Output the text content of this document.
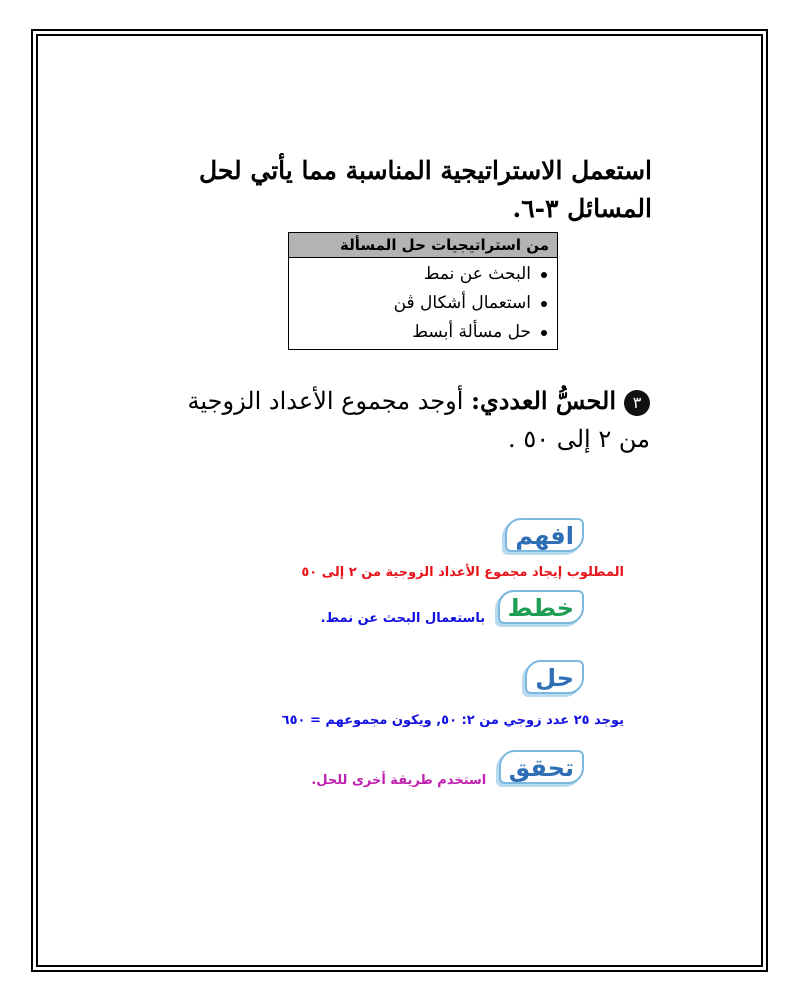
استعمل الاستراتيجية المناسبة مما يأتي لحل
المسائل ٣-٦.
من استراتيجيات حل المسألة
البحث عن نمط
استعمال أشكال ڤن
حل مسألة أبسط
٣الحسُّ العددي: أوجد مجموع الأعداد الزوجية
من ٢ إلى ٥٠ .
افهم
المطلوب إيجاد مجموع الأعداد الزوجية من ٢ إلى ٥٠
خطط باستعمال البحث عن نمط.
حل
يوجد ٢٥ عدد زوجي من ٢: ٥٠, ويكون مجموعهم = ٦٥٠
تحقق استخدم طريقة أخرى للحل.
